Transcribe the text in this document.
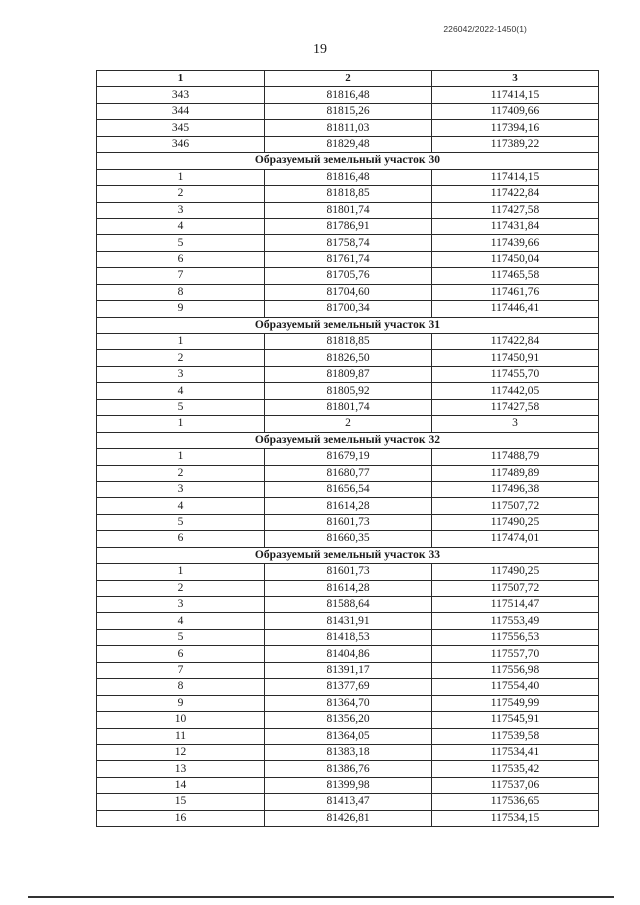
226042/2022-1450(1)
19
1	2	3
343	81816,48	117414,15
344	81815,26	117409,66
345	81811,03	117394,16
346	81829,48	117389,22
Образуемый земельный участок 30		
1	81816,48	117414,15
2	81818,85	117422,84
3	81801,74	117427,58
4	81786,91	117431,84
5	81758,74	117439,66
6	81761,74	117450,04
7	81705,76	117465,58
8	81704,60	117461,76
9	81700,34	117446,41
Образуемый земельный участок 31		
1	81818,85	117422,84
2	81826,50	117450,91
3	81809,87	117455,70
4	81805,92	117442,05
5	81801,74	117427,58
1	2	3
Образуемый земельный участок 32		
1	81679,19	117488,79
2	81680,77	117489,89
3	81656,54	117496,38
4	81614,28	117507,72
5	81601,73	117490,25
6	81660,35	117474,01
Образуемый земельный участок 33		
1	81601,73	117490,25
2	81614,28	117507,72
3	81588,64	117514,47
4	81431,91	117553,49
5	81418,53	117556,53
6	81404,86	117557,70
7	81391,17	117556,98
8	81377,69	117554,40
9	81364,70	117549,99
10	81356,20	117545,91
11	81364,05	117539,58
12	81383,18	117534,41
13	81386,76	117535,42
14	81399,98	117537,06
15	81413,47	117536,65
16	81426,81	117534,15
